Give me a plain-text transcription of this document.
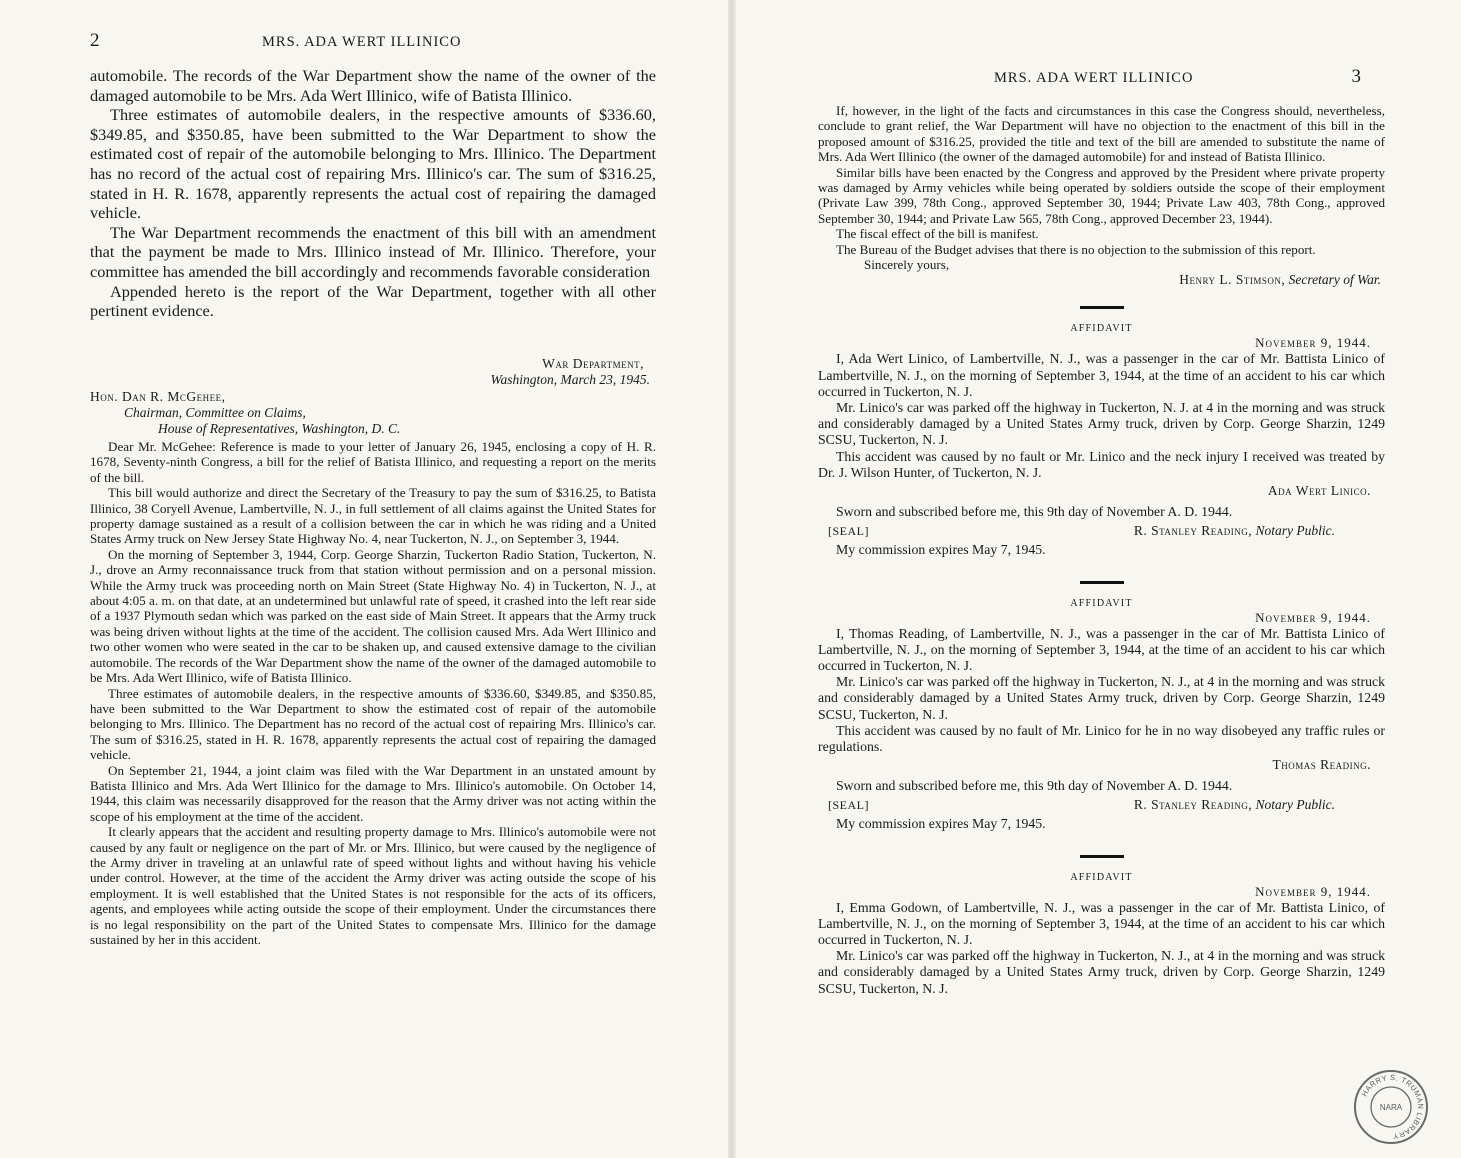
2	MRS. ADA WERT ILLINICO

automobile. The records of the War Department show the name of the owner of the damaged automobile to be Mrs. Ada Wert Illinico, wife of Batista Illinico.

Three estimates of automobile dealers, in the respective amounts of $336.60, $349.85, and $350.85, have been submitted to the War Department to show the estimated cost of repair of the automobile belonging to Mrs. Illinico. The Department has no record of the actual cost of repairing Mrs. Illinico's car. The sum of $316.25, stated in H. R. 1678, apparently represents the actual cost of repairing the damaged vehicle.

The War Department recommends the enactment of this bill with an amendment that the payment be made to Mrs. Illinico instead of Mr. Illinico. Therefore, your committee has amended the bill accordingly and recommends favorable consideration

Appended hereto is the report of the War Department, together with all other pertinent evidence.

War Department,
Washington, March 23, 1945.
Hon. Dan R. McGehee,
Chairman, Committee on Claims,
House of Representatives, Washington, D. C.

Dear Mr. McGehee: Reference is made to your letter of January 26, 1945, enclosing a copy of H. R. 1678, Seventy-ninth Congress, a bill for the relief of Batista Illinico, and requesting a report on the merits of the bill.

This bill would authorize and direct the Secretary of the Treasury to pay the sum of $316.25, to Batista Illinico, 38 Coryell Avenue, Lambertville, N. J., in full settlement of all claims against the United States for property damage sustained as a result of a collision between the car in which he was riding and a United States Army truck on New Jersey State Highway No. 4, near Tuckerton, N. J., on September 3, 1944.

On the morning of September 3, 1944, Corp. George Sharzin, Tuckerton Radio Station, Tuckerton, N. J., drove an Army reconnaissance truck from that station without permission and on a personal mission. While the Army truck was proceeding north on Main Street (State Highway No. 4) in Tuckerton, N. J., at about 4:05 a. m. on that date, at an undetermined but unlawful rate of speed, it crashed into the left rear side of a 1937 Plymouth sedan which was parked on the east side of Main Street. It appears that the Army truck was being driven without lights at the time of the accident. The collision caused Mrs. Ada Wert Illinico and two other women who were seated in the car to be shaken up, and caused extensive damage to the civilian automobile. The records of the War Department show the name of the owner of the damaged automobile to be Mrs. Ada Wert Illinico, wife of Batista Illinico.

Three estimates of automobile dealers, in the respective amounts of $336.60, $349.85, and $350.85, have been submitted to the War Department to show the estimated cost of repair of the automobile belonging to Mrs. Illinico. The Department has no record of the actual cost of repairing Mrs. Illinico's car. The sum of $316.25, stated in H. R. 1678, apparently represents the actual cost of repairing the damaged vehicle.

On September 21, 1944, a joint claim was filed with the War Department in an unstated amount by Batista Illinico and Mrs. Ada Wert Illinico for the damage to Mrs. Illinico's automobile. On October 14, 1944, this claim was necessarily disapproved for the reason that the Army driver was not acting within the scope of his employment at the time of the accident.

It clearly appears that the accident and resulting property damage to Mrs. Illinico's automobile were not caused by any fault or negligence on the part of Mr. or Mrs. Illinico, but were caused by the negligence of the Army driver in traveling at an unlawful rate of speed without lights and without having his vehicle under control. However, at the time of the accident the Army driver was acting outside the scope of his employment. It is well established that the United States is not responsible for the acts of its officers, agents, and employees while acting outside the scope of their employment. Under the circumstances there is no legal responsibility on the part of the United States to compensate Mrs. Illinico for the damage sustained by her in this accident.

MRS. ADA WERT ILLINICO	3

If, however, in the light of the facts and circumstances in this case the Congress should, nevertheless, conclude to grant relief, the War Department will have no objection to the enactment of this bill in the proposed amount of $316.25, provided the title and text of the bill are amended to substitute the name of Mrs. Ada Wert Illinico (the owner of the damaged automobile) for and instead of Batista Illinico.

Similar bills have been enacted by the Congress and approved by the President where private property was damaged by Army vehicles while being operated by soldiers outside the scope of their employment (Private Law 399, 78th Cong., approved September 30, 1944; Private Law 403, 78th Cong., approved September 30, 1944; and Private Law 565, 78th Cong., approved December 23, 1944).

The fiscal effect of the bill is manifest.

The Bureau of the Budget advises that there is no objection to the submission of this report.

Sincerely yours,

Henry L. Stimson, Secretary of War.
AFFIDAVIT
November 9, 1944.

I, Ada Wert Linico, of Lambertville, N. J., was a passenger in the car of Mr. Battista Linico of Lambertville, N. J., on the morning of September 3, 1944, at the time of an accident to his car which occurred in Tuckerton, N. J.

Mr. Linico's car was parked off the highway in Tuckerton, N. J. at 4 in the morning and was struck and considerably damaged by a United States Army truck, driven by Corp. George Sharzin, 1249 SCSU, Tuckerton, N. J.

This accident was caused by no fault or Mr. Linico and the neck injury I received was treated by Dr. J. Wilson Hunter, of Tuckerton, N. J.

Ada Wert Linico.

Sworn and subscribed before me, this 9th day of November A. D. 1944.

[SEAL]	R. Stanley Reading, Notary Public.

My commission expires May 7, 1945.

AFFIDAVIT
November 9, 1944.

I, Thomas Reading, of Lambertville, N. J., was a passenger in the car of Mr. Battista Linico of Lambertville, N. J., on the morning of September 3, 1944, at the time of an accident to his car which occurred in Tuckerton, N. J.

Mr. Linico's car was parked off the highway in Tuckerton, N. J., at 4 in the morning and was struck and considerably damaged by a United States Army truck, driven by Corp. George Sharzin, 1249 SCSU, Tuckerton, N. J.

This accident was caused by no fault of Mr. Linico for he in no way disobeyed any traffic rules or regulations.

Thomas Reading.

Sworn and subscribed before me, this 9th day of November A. D. 1944.

[SEAL]	R. Stanley Reading, Notary Public.

My commission expires May 7, 1945.

AFFIDAVIT
November 9, 1944.

I, Emma Godown, of Lambertville, N. J., was a passenger in the car of Mr. Battista Linico, of Lambertville, N. J., on the morning of September 3, 1944, at the time of an accident to his car which occurred in Tuckerton, N. J.

Mr. Linico's car was parked off the highway in Tuckerton, N. J., at 4 in the morning and was struck and considerably damaged by a United States Army truck, driven by Corp. George Sharzin, 1249 SCSU, Tuckerton, N. J.

HARRY S. TRUMAN LIBRARY
NARA
